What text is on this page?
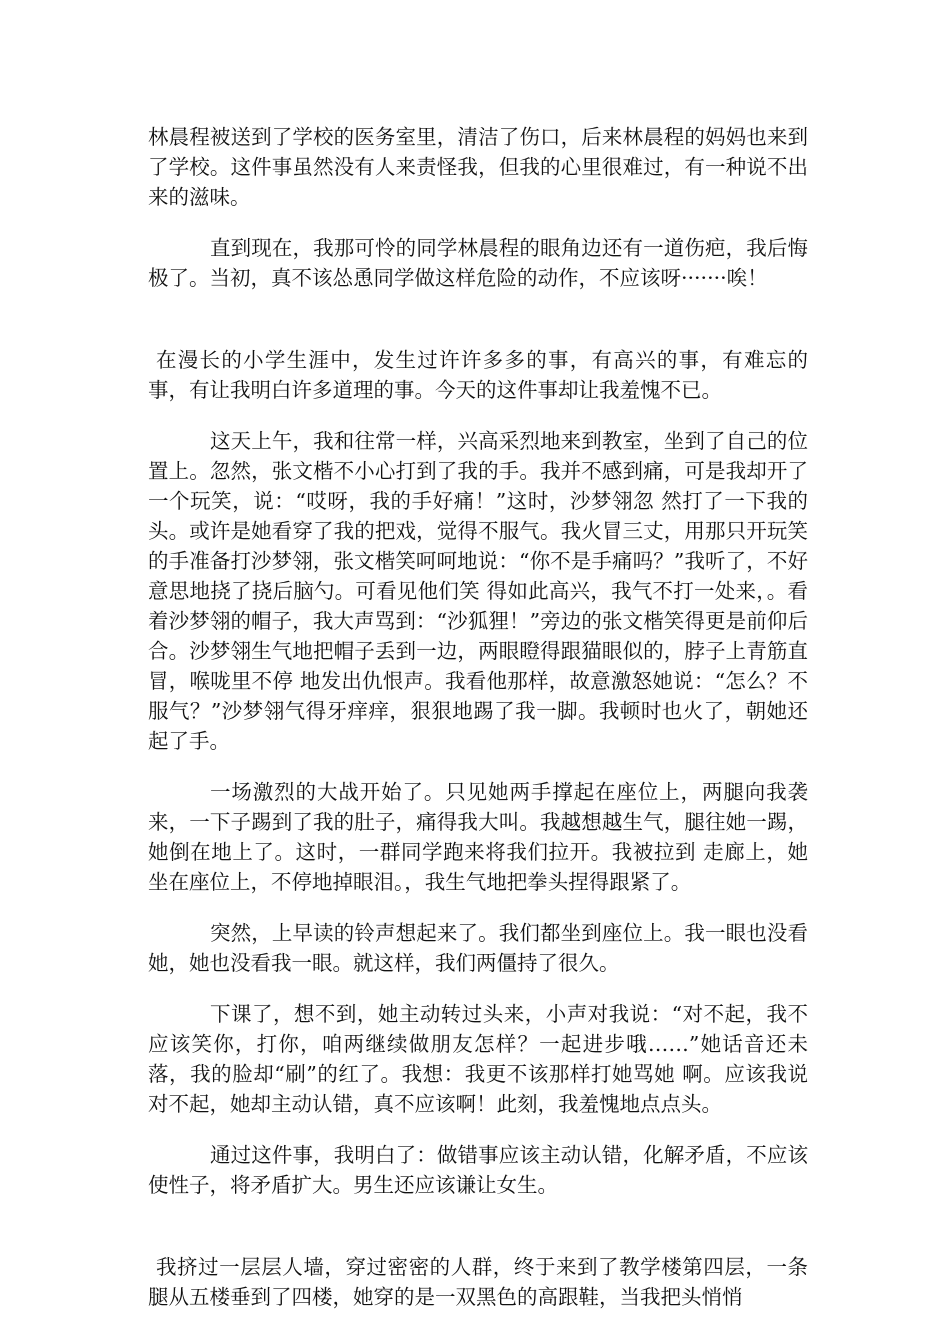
林晨程被送到了学校的医务室里，清洁了伤口，后来林晨程的妈妈也来到了学校。这件事虽然没有人来责怪我，但我的心里很难过，有一种说不出来的滋味。

直到现在，我那可怜的同学林晨程的眼角边还有一道伤疤，我后悔极了。当初，真不该怂恿同学做这样危险的动作，不应该呀·······唉！

在漫长的小学生涯中，发生过许许多多的事，有高兴的事，有难忘的事，有让我明白许多道理的事。今天的这件事却让我羞愧不已。

这天上午，我和往常一样，兴高采烈地来到教室，坐到了自己的位置上。忽然，张文楷不小心打到了我的手。我并不感到痛，可是我却开了一个玩笑，说：“哎呀，我的手好痛！”这时，沙梦翎忽 然打了一下我的头。或许是她看穿了我的把戏，觉得不服气。我火冒三丈，用那只开玩笑的手准备打沙梦翎，张文楷笑呵呵地说：“你不是手痛吗？”我听了，不好意思地挠了挠后脑勺。可看见他们笑 得如此高兴，我气不打一处来，。看着沙梦翎的帽子，我大声骂到：“沙狐狸！”旁边的张文楷笑得更是前仰后合。沙梦翎生气地把帽子丢到一边，两眼瞪得跟猫眼似的，脖子上青筋直冒，喉咙里不停 地发出仇恨声。我看他那样，故意激怒她说：“怎么？不服气？”沙梦翎气得牙痒痒，狠狠地踢了我一脚。我顿时也火了，朝她还起了手。

一场激烈的大战开始了。只见她两手撑起在座位上，两腿向我袭来，一下子踢到了我的肚子，痛得我大叫。我越想越生气，腿往她一踢，她倒在地上了。这时，一群同学跑来将我们拉开。我被拉到 走廊上，她坐在座位上，不停地掉眼泪。，我生气地把拳头捏得跟紧了。

突然，上早读的铃声想起来了。我们都坐到座位上。我一眼也没看她，她也没看我一眼。就这样，我们两僵持了很久。

下课了，想不到，她主动转过头来，小声对我说：“对不起，我不应该笑你，打你，咱两继续做朋友怎样？一起进步哦……”她话音还未落，我的脸却“刷”的红了。我想：我更不该那样打她骂她 啊。应该我说对不起，她却主动认错，真不应该啊！此刻，我羞愧地点点头。

通过这件事，我明白了：做错事应该主动认错，化解矛盾，不应该使性子，将矛盾扩大。男生还应该谦让女生。

我挤过一层层人墙，穿过密密的人群，终于来到了教学楼第四层，一条腿从五楼垂到了四楼，她穿的是一双黑色的高跟鞋，当我把头悄悄
